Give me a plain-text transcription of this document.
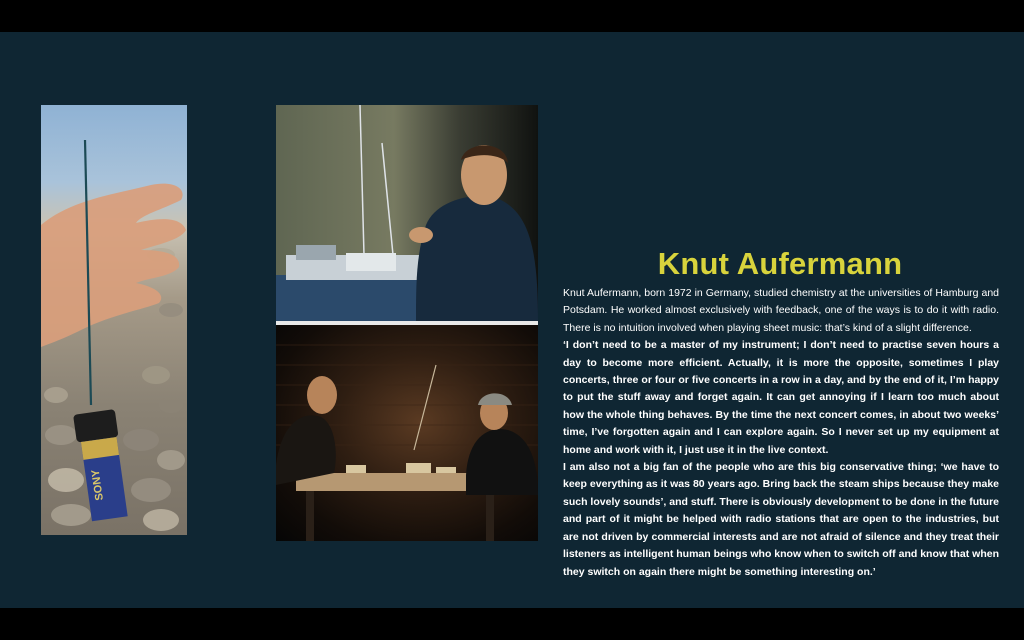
SONY
Knut Aufermann

Knut Aufermann, born 1972 in Germany, studied chemistry at the universities of Hamburg and Potsdam. He worked almost exclusively with feedback, one of the ways is to do it with radio. There is no intuition involved when playing sheet music: that’s kind of a slight difference.

‘I don’t need to be a master of my instrument; I don’t need to practise seven hours a day to become more efficient. Actually, it is more the opposite, sometimes I play concerts, three or four or five concerts in a row in a day, and by the end of it, I’m happy to put the stuff away and forget again. It can get annoying if I learn too much about how the whole thing behaves. By the time the next concert comes, in about two weeks’ time, I’ve forgotten again and I can explore again. So I never set up my equipment at home and work with it, I just use it in the live context.

I am also not a big fan of the people who are this big conservative thing; ‘we have to keep everything as it was 80 years ago. Bring back the steam ships because they make such lovely sounds’, and stuff. There is obviously development to be done in the future and part of it might be helped with radio stations that are open to the industries, but are not driven by commercial interests and are not afraid of silence and they treat their listeners as intelligent human beings who know when to switch off and know that when they switch on again there might be something interesting on.’
